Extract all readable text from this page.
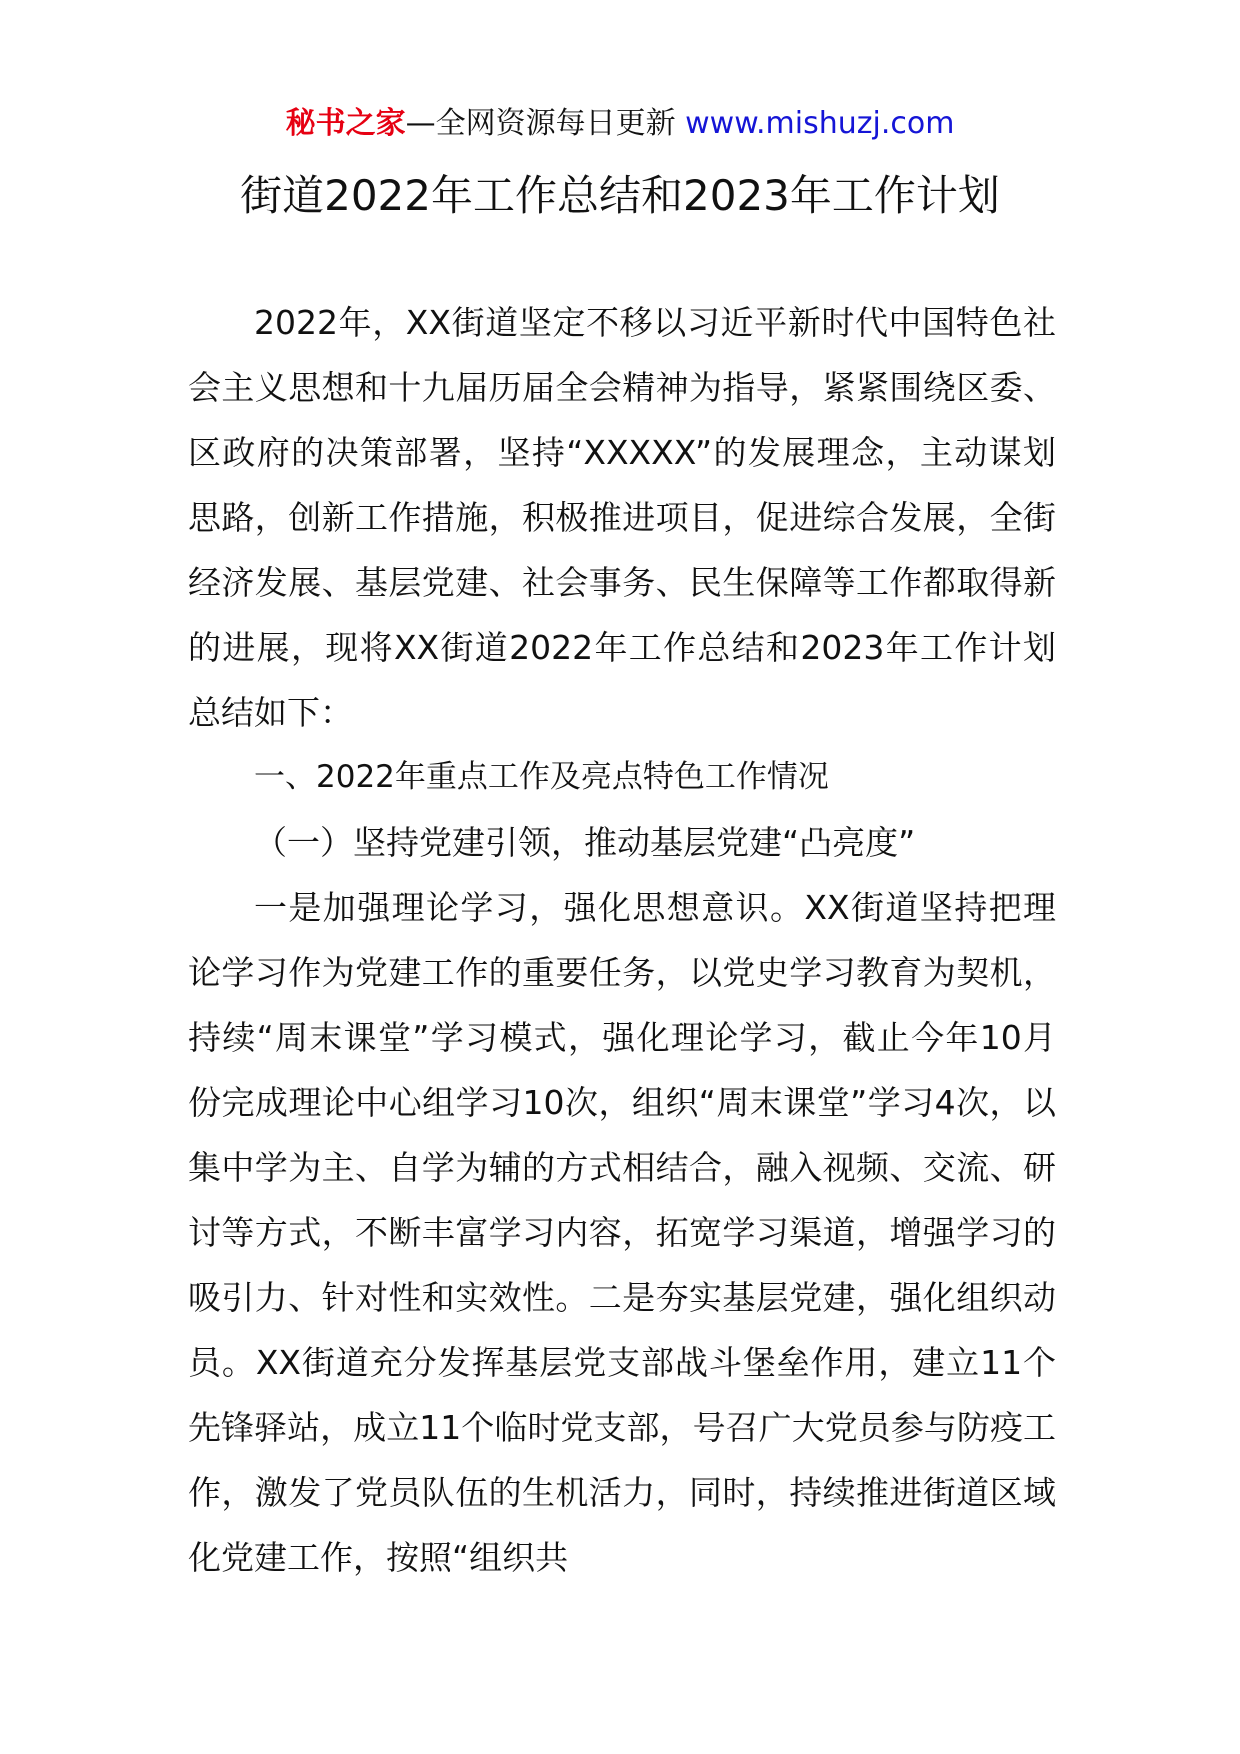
秘书之家—全网资源每日更新 www.mishuzj.com
街道2022年工作总结和2023年工作计划

2022年，XX街道坚定不移以习近平新时代中国特色社会主义思想和十九届历届全会精神为指导，紧紧围绕区委、区政府的决策部署，坚持“XXXXX”的发展理念，主动谋划思路，创新工作措施，积极推进项目，促进综合发展，全街经济发展、基层党建、社会事务、民生保障等工作都取得新的进展，现将XX街道2022年工作总结和2023年工作计划总结如下：

一、2022年重点工作及亮点特色工作情况

（一）坚持党建引领，推动基层党建“凸亮度”

一是加强理论学习，强化思想意识。XX街道坚持把理论学习作为党建工作的重要任务，以党史学习教育为契机，持续“周末课堂”学习模式，强化理论学习，截止今年10月份完成理论中心组学习10次，组织“周末课堂”学习4次，以集中学为主、自学为辅的方式相结合，融入视频、交流、研讨等方式，不断丰富学习内容，拓宽学习渠道，增强学习的吸引力、针对性和实效性。二是夯实基层党建，强化组织动员。XX街道充分发挥基层党支部战斗堡垒作用，建立11个先锋驿站，成立11个临时党支部，号召广大党员参与防疫工作，激发了党员队伍的生机活力，同时，持续推进街道区域化党建工作，按照“组织共
